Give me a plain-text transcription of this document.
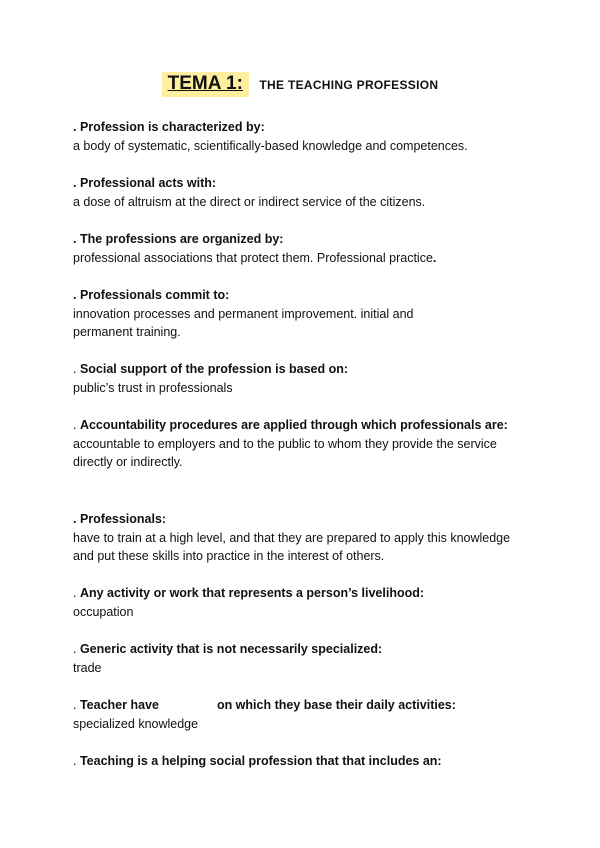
TEMA 1: THE TEACHING PROFESSION
. Profession is characterized by:
a body of systematic, scientifically-based knowledge and competences.
. Professional acts with:
a dose of altruism at the direct or indirect service of the citizens.
. The professions are organized by:
professional associations that protect them. Professional practice.
. Professionals commit to:
innovation processes and permanent improvement. initial and permanent training.
. Social support of the profession is based on:
public’s trust in professionals
. Accountability procedures are applied through which professionals are:
accountable to employers and to the public to whom they provide the service directly or indirectly.
. Professionals:
have to train at a high level, and that they are prepared to apply this knowledge and put these skills into practice in the interest of others.
. Any activity or work that represents a person’s livelihood:
occupation
. Generic activity that is not necessarily specialized:
trade
. Teacher have	on which they base their daily activities:
specialized knowledge
. Teaching is a helping social profession that that includes an:
